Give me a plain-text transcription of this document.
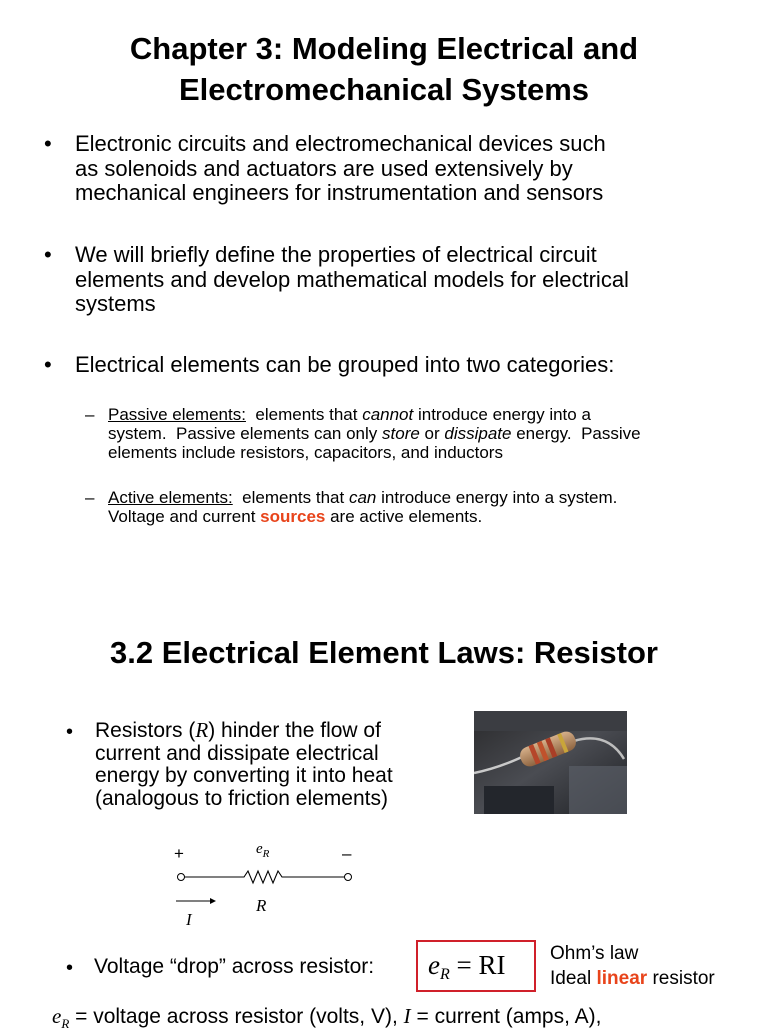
Chapter 3: Modeling Electrical and
Electromechanical Systems
• Electronic circuits and electromechanical devices such
as solenoids and actuators are used extensively by
mechanical engineers for instrumentation and sensors
• We will briefly define the properties of electrical circuit
elements and develop mathematical models for electrical
systems
• Electrical elements can be grouped into two categories:
– Passive elements:  elements that cannot introduce energy into a
system.  Passive elements can only store or dissipate energy.  Passive
elements include resistors, capacitors, and inductors
– Active elements:  elements that can introduce energy into a system.
Voltage and current sources are active elements.
3.2 Electrical Element Laws: Resistor
• Resistors (R) hinder the flow of
current and dissipate electrical
energy by converting it into heat
(analogous to friction elements)
+	–
$e_R$
R
I
• Voltage “drop” across resistor: $e_R$ = RI Ohm’s law
Ideal linear resistor
$e_R$ = voltage across resistor (volts, V), I = current (amps, A),
